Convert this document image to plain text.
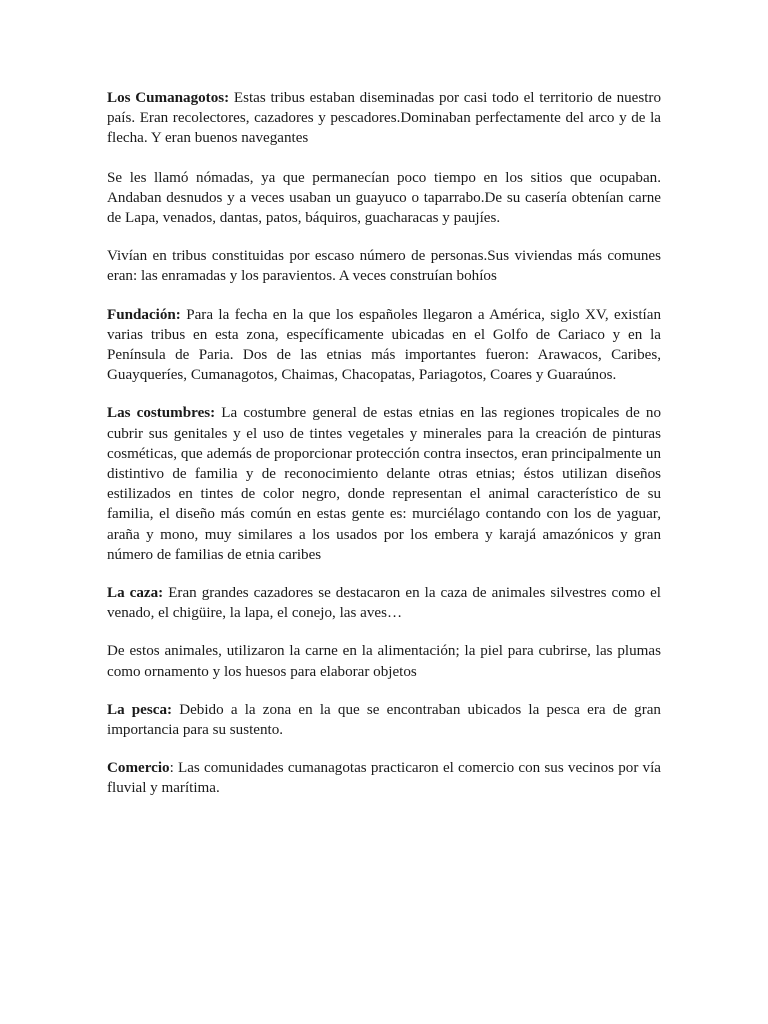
Los Cumanagotos: Estas tribus estaban diseminadas por casi todo el territorio de nuestro país. Eran recolectores, cazadores y pescadores.Dominaban perfectamente del arco y de la flecha. Y eran buenos navegantes

Se les llamó nómadas, ya que permanecían poco tiempo en los sitios que ocupaban. Andaban desnudos y a veces usaban un guayuco o taparrabo.De su casería obtenían carne de Lapa, venados, dantas, patos, báquiros, guacharacas y paujíes.

Vivían en tribus constituidas por escaso número de personas.Sus viviendas más comunes eran: las enramadas y los paravientos. A veces construían bohíos

Fundación: Para la fecha en la que los españoles llegaron a América, siglo XV, existían varias tribus en esta zona, específicamente ubicadas en el Golfo de Cariaco y en la Península de Paria. Dos de las etnias más importantes fueron: Arawacos, Caribes, Guayqueríes, Cumanagotos, Chaimas, Chacopatas, Pariagotos, Coares y Guaraúnos.

Las costumbres: La costumbre general de estas etnias en las regiones tropicales de no cubrir sus genitales y el uso de tintes vegetales y minerales para la creación de pinturas cosméticas, que además de proporcionar protección contra insectos, eran principalmente un distintivo de familia y de reconocimiento delante otras etnias; éstos utilizan diseños estilizados en tintes de color negro, donde representan el animal característico de su familia, el diseño más común en estas gente es: murciélago contando con los de yaguar, araña y mono, muy similares a los usados por los embera y karajá amazónicos y gran número de familias de etnia caribes

La caza: Eran grandes cazadores se destacaron en la caza de animales silvestres como el venado, el chigüire, la lapa, el conejo, las aves…

De estos animales, utilizaron la carne en la alimentación; la piel para cubrirse, las plumas como ornamento y los huesos para elaborar objetos

La pesca: Debido a la zona en la que se encontraban ubicados la pesca era de gran importancia para su sustento.

Comercio: Las comunidades cumanagotas practicaron el comercio con sus vecinos por vía fluvial y marítima.
